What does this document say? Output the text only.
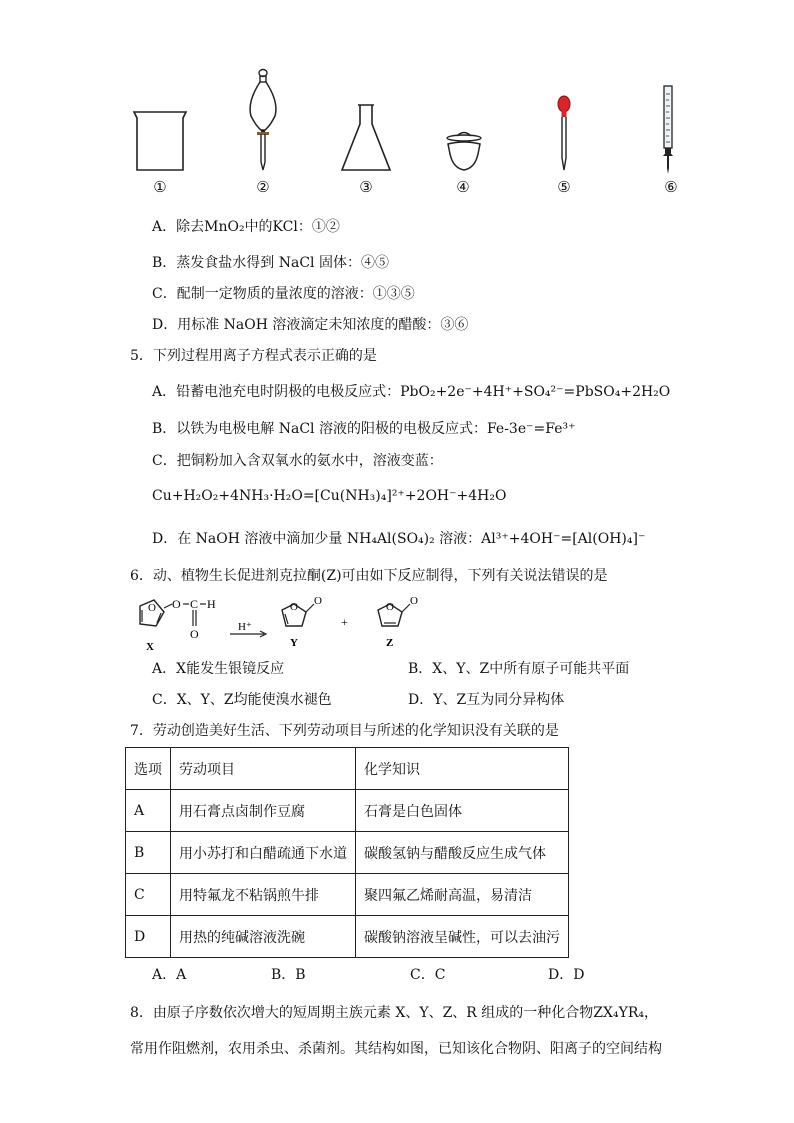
①	②	③	④	⑤	⑥
A．除去MnO₂中的KCl：①②
B．蒸发食盐水得到 NaCl 固体：④⑤
C．配制一定物质的量浓度的溶液：①③⑤
D．用标准 NaOH 溶液滴定未知浓度的醋酸：③⑥
5．下列过程用离子方程式表示正确的是
A．铅蓄电池充电时阴极的电极反应式：PbO₂+2e⁻+4H⁺+SO₄²⁻=PbSO₄+2H₂O
B．以铁为电极电解 NaCl 溶液的阳极的电极反应式：Fe-3e⁻=Fe³⁺
C．把铜粉加入含双氧水的氨水中，溶液变蓝：
Cu+H₂O₂+4NH₃·H₂O=[Cu(NH₃)₄]²⁺+2OH⁻+4H₂O
D．在 NaOH 溶液中滴加少量 NH₄Al(SO₄)₂ 溶液：Al³⁺+4OH⁻=[Al(OH)₄]⁻
6．动、植物生长促进剂克拉酮(Z)可由如下反应制得，下列有关说法错误的是
O O C H
O
X
H⁺
O O
Y
+
O O
Z
A．X能发生银镜反应	B．X、Y、Z中所有原子可能共平面
C．X、Y、Z均能使溴水褪色	D．Y、Z互为同分异构体
7．劳动创造美好生活、下列劳动项目与所述的化学知识没有关联的是
选项	劳动项目	化学知识
A	用石膏点卤制作豆腐	石膏是白色固体
B	用小苏打和白醋疏通下水道	碳酸氢钠与醋酸反应生成气体
C	用特氟龙不粘锅煎牛排	聚四氟乙烯耐高温，易清洁
D	用热的纯碱溶液洗碗	碳酸钠溶液呈碱性，可以去油污
A．A	B．B	C．C	D．D
8．由原子序数依次增大的短周期主族元素 X、Y、Z、R 组成的一种化合物ZX₄YR₄，
常用作阻燃剂，农用杀虫、杀菌剂。其结构如图，已知该化合物阴、阳离子的空间结构
